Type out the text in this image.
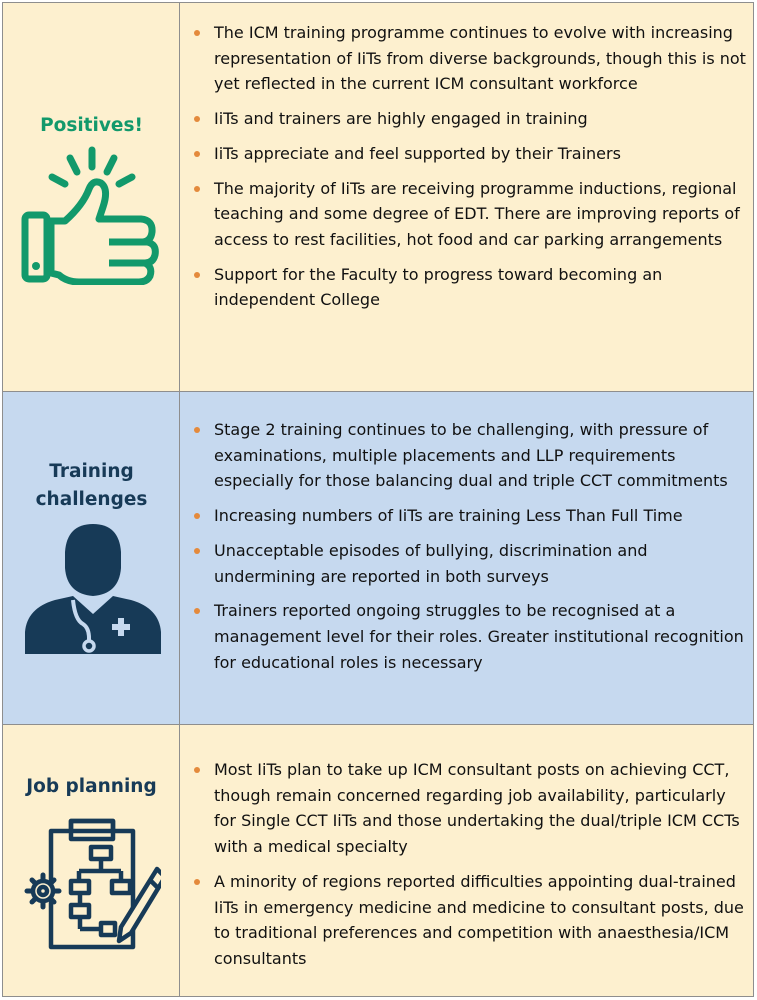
Positives!
The ICM training programme continues to evolve with increasing representation of IiTs from diverse backgrounds, though this is not yet reflected in the current ICM consultant workforce
IiTs and trainers are highly engaged in training
IiTs appreciate and feel supported by their Trainers
The majority of IiTs are receiving programme inductions, regional teaching and some degree of EDT. There are improving reports of access to rest facilities, hot food and car parking arrangements
Support for the Faculty to progress toward becoming an independent College
Training challenges
Stage 2 training continues to be challenging, with pressure of examinations, multiple placements and LLP requirements especially for those balancing dual and triple CCT commitments
Increasing numbers of IiTs are training Less Than Full Time
Unacceptable episodes of bullying, discrimination and undermining are reported in both surveys
Trainers reported ongoing struggles to be recognised at a management level for their roles. Greater institutional recognition for educational roles is necessary
Job planning
Most IiTs plan to take up ICM consultant posts on achieving CCT, though remain concerned regarding job availability, particularly for Single CCT IiTs and those undertaking the dual/triple ICM CCTs with a medical specialty
A minority of regions reported difficulties appointing dual-trained IiTs in emergency medicine and medicine to consultant posts, due to traditional preferences and competition with anaesthesia/ICM consultants
